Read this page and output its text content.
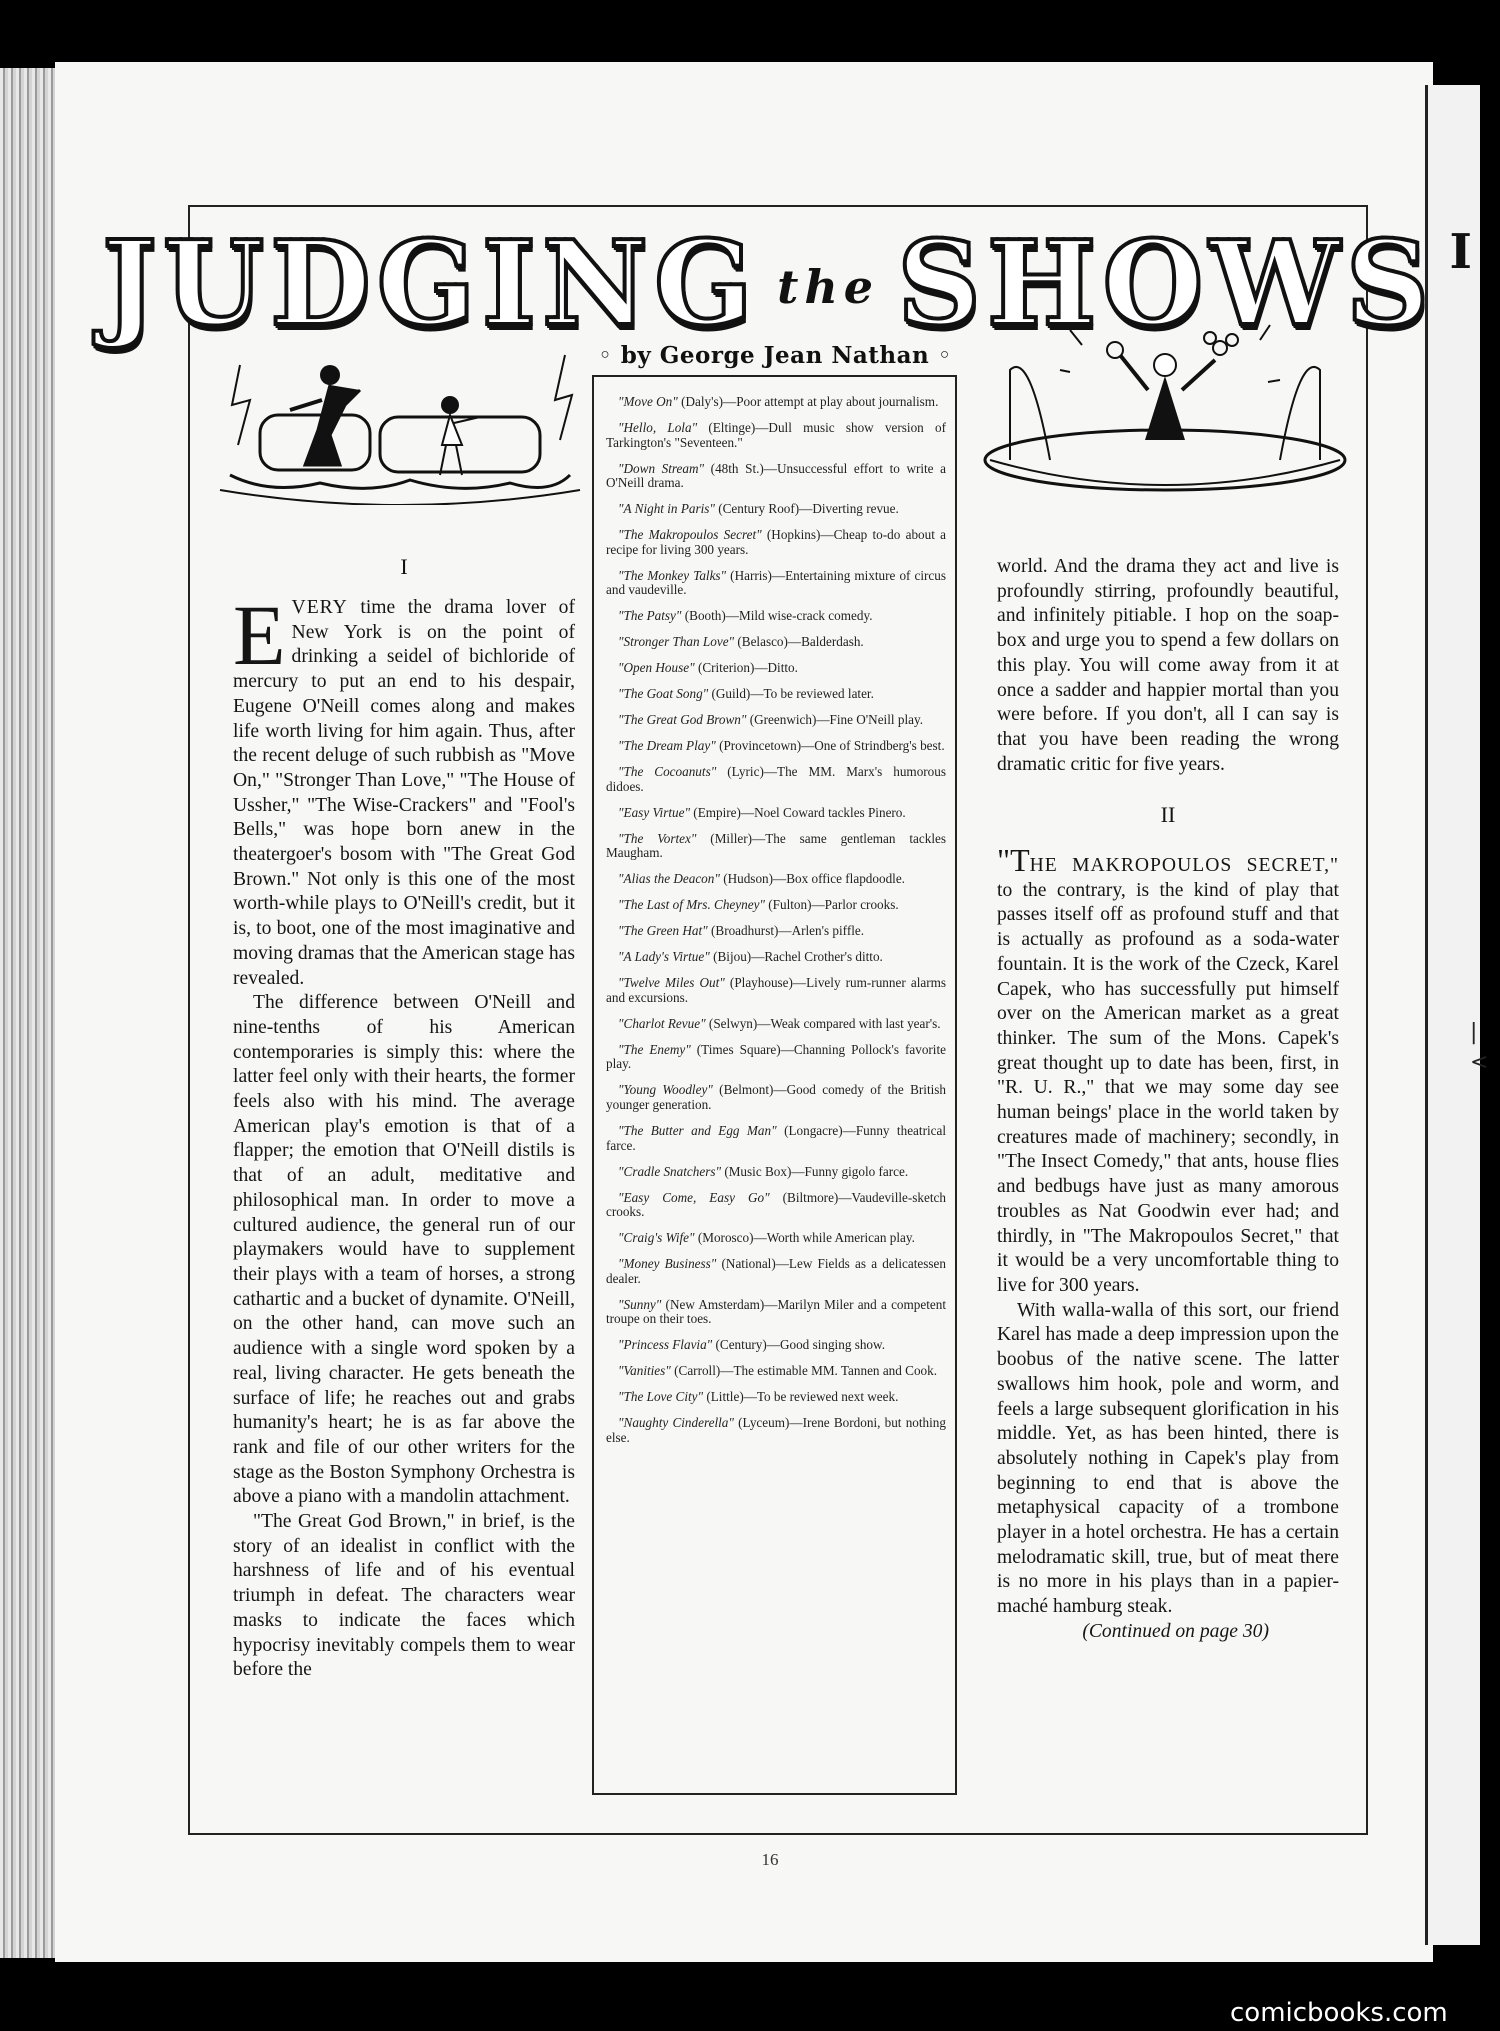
JUDGING the SHOWS I
◦ by George Jean Nathan ◦
I

EVERY time the drama lover of New York is on the point of drinking a seidel of bichloride of mercury to put an end to his despair, Eugene O'Neill comes along and makes life worth living for him again. Thus, after the recent deluge of such rubbish as "Move On," "Stronger Than Love," "The House of Ussher," "The Wise-Crackers" and "Fool's Bells," was hope born anew in the theatergoer's bosom with "The Great God Brown." Not only is this one of the most worth-while plays to O'Neill's credit, but it is, to boot, one of the most imaginative and moving dramas that the American stage has revealed.

The difference between O'Neill and nine-tenths of his American contemporaries is simply this: where the latter feel only with their hearts, the former feels also with his mind. The average American play's emotion is that of a flapper; the emotion that O'Neill distils is that of an adult, meditative and philosophical man. In order to move a cultured audience, the general run of our playmakers would have to supplement their plays with a team of horses, a strong cathartic and a bucket of dynamite. O'Neill, on the other hand, can move such an audience with a single word spoken by a real, living character. He gets beneath the surface of life; he reaches out and grabs humanity's heart; he is as far above the rank and file of our other writers for the stage as the Boston Symphony Orchestra is above a piano with a mandolin attachment.

"The Great God Brown," in brief, is the story of an idealist in conflict with the harshness of life and of his eventual triumph in defeat. The characters wear masks to indicate the faces which hypocrisy inevitably compels them to wear before the

"Move On" (Daly's)—Poor attempt at play about journalism.

"Hello, Lola" (Eltinge)—Dull music show version of Tarkington's "Seventeen."

"Down Stream" (48th St.)—Unsuccessful effort to write a O'Neill drama.

"A Night in Paris" (Century Roof)—Diverting revue.

"The Makropoulos Secret" (Hopkins)—Cheap to-do about a recipe for living 300 years.

"The Monkey Talks" (Harris)—Entertaining mixture of circus and vaudeville.

"The Patsy" (Booth)—Mild wise-crack comedy.

"Stronger Than Love" (Belasco)—Balderdash.

"Open House" (Criterion)—Ditto.

"The Goat Song" (Guild)—To be reviewed later.

"The Great God Brown" (Greenwich)—Fine O'Neill play.

"The Dream Play" (Provincetown)—One of Strindberg's best.

"The Cocoanuts" (Lyric)—The MM. Marx's humorous didoes.

"Easy Virtue" (Empire)—Noel Coward tackles Pinero.

"The Vortex" (Miller)—The same gentleman tackles Maugham.

"Alias the Deacon" (Hudson)—Box office flapdoodle.

"The Last of Mrs. Cheyney" (Fulton)—Parlor crooks.

"The Green Hat" (Broadhurst)—Arlen's piffle.

"A Lady's Virtue" (Bijou)—Rachel Crother's ditto.

"Twelve Miles Out" (Playhouse)—Lively rum-runner alarms and excursions.

"Charlot Revue" (Selwyn)—Weak compared with last year's.

"The Enemy" (Times Square)—Channing Pollock's favorite play.

"Young Woodley" (Belmont)—Good comedy of the British younger generation.

"The Butter and Egg Man" (Longacre)—Funny theatrical farce.

"Cradle Snatchers" (Music Box)—Funny gigolo farce.

"Easy Come, Easy Go" (Biltmore)—Vaudeville-sketch crooks.

"Craig's Wife" (Morosco)—Worth while American play.

"Money Business" (National)—Lew Fields as a delicatessen dealer.

"Sunny" (New Amsterdam)—Marilyn Miler and a competent troupe on their toes.

"Princess Flavia" (Century)—Good singing show.

"Vanities" (Carroll)—The estimable MM. Tannen and Cook.

"The Love City" (Little)—To be reviewed next week.

"Naughty Cinderella" (Lyceum)—Irene Bordoni, but nothing else.

world. And the drama they act and live is profoundly stirring, profoundly beautiful, and infinitely pitiable. I hop on the soap-box and urge you to spend a few dollars on this play. You will come away from it at once a sadder and happier mortal than you were before. If you don't, all I can say is that you have been reading the wrong dramatic critic for five years.

II

"THE MAKROPOULOS SECRET," to the contrary, is the kind of play that passes itself off as profound stuff and that is actually as profound as a soda-water fountain. It is the work of the Czeck, Karel Capek, who has successfully put himself over on the American market as a great thinker. The sum of the Mons. Capek's great thought up to date has been, first, in "R. U. R.," that we may some day see human beings' place in the world taken by creatures made of machinery; secondly, in "The Insect Comedy," that ants, house flies and bedbugs have just as many amorous troubles as Nat Goodwin ever had; and thirdly, in "The Makropoulos Secret," that it would be a very uncomfortable thing to live for 300 years.

With walla-walla of this sort, our friend Karel has made a deep impression upon the boobus of the native scene. The latter swallows him hook, pole and worm, and feels a large subsequent glorification in his middle. Yet, as has been hinted, there is absolutely nothing in Capek's play from beginning to end that is above the metaphysical capacity of a trombone player in a hotel orchestra. He has a certain melodramatic skill, true, but of meat there is no more in his plays than in a papier-maché hamburg steak.

(Continued on page 30)

16
|
<
comicbooks.com
